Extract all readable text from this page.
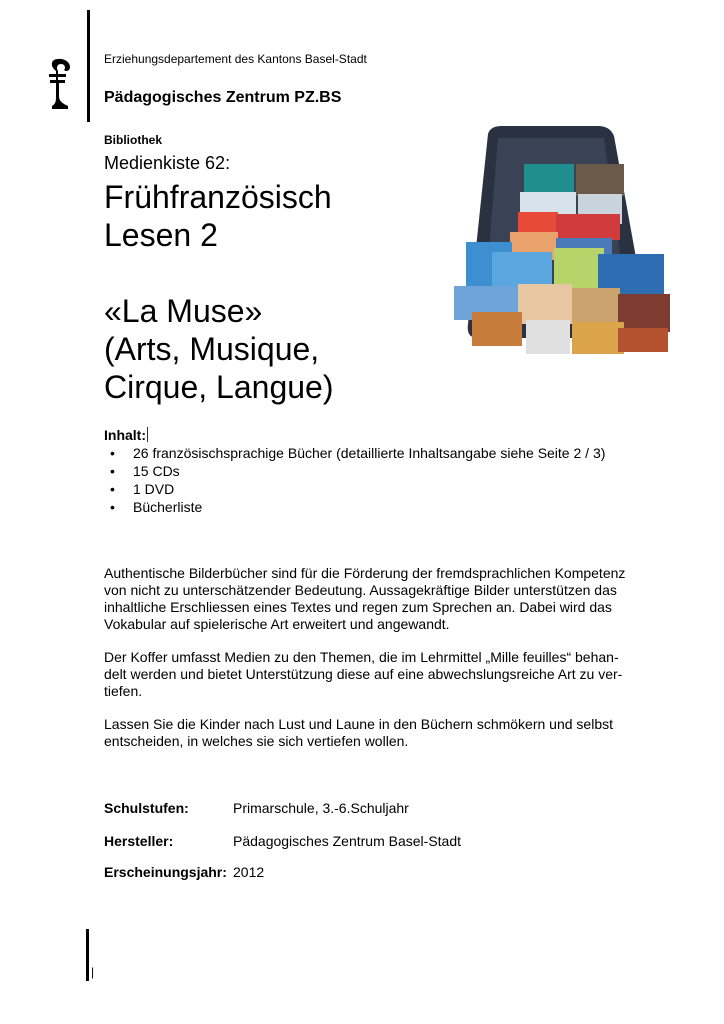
Erziehungsdepartement des Kantons Basel-Stadt
Pädagogisches Zentrum PZ.BS
Bibliothek
Medienkiste 62:

Frühfranzösisch

Lesen 2

«La Muse»

(Arts, Musique,

Cirque, Langue)

Inhalt:
• 26 französischsprachige Bücher (detaillierte Inhaltsangabe siehe Seite 2 / 3)
• 15 CDs
• 1 DVD
• Bücherliste

Authentische Bilderbücher sind für die Förderung der fremdsprachlichen Kompetenz

von nicht zu unterschätzender Bedeutung. Aussagekräftige Bilder unterstützen das

inhaltliche Erschliessen eines Textes und regen zum Sprechen an. Dabei wird das

Vokabular auf spielerische Art erweitert und angewandt.

Der Koffer umfasst Medien zu den Themen, die im Lehrmittel „Mille feuilles“ behan-

delt werden und bietet Unterstützung diese auf eine abwechslungsreiche Art zu ver-

tiefen.

Lassen Sie die Kinder nach Lust und Laune in den Büchern schmökern und selbst

entscheiden, in welches sie sich vertiefen wollen.

Schulstufen:	Primarschule, 3.-6.Schuljahr
Hersteller:	Pädagogisches Zentrum Basel-Stadt
Erscheinungsjahr: 2012
|
